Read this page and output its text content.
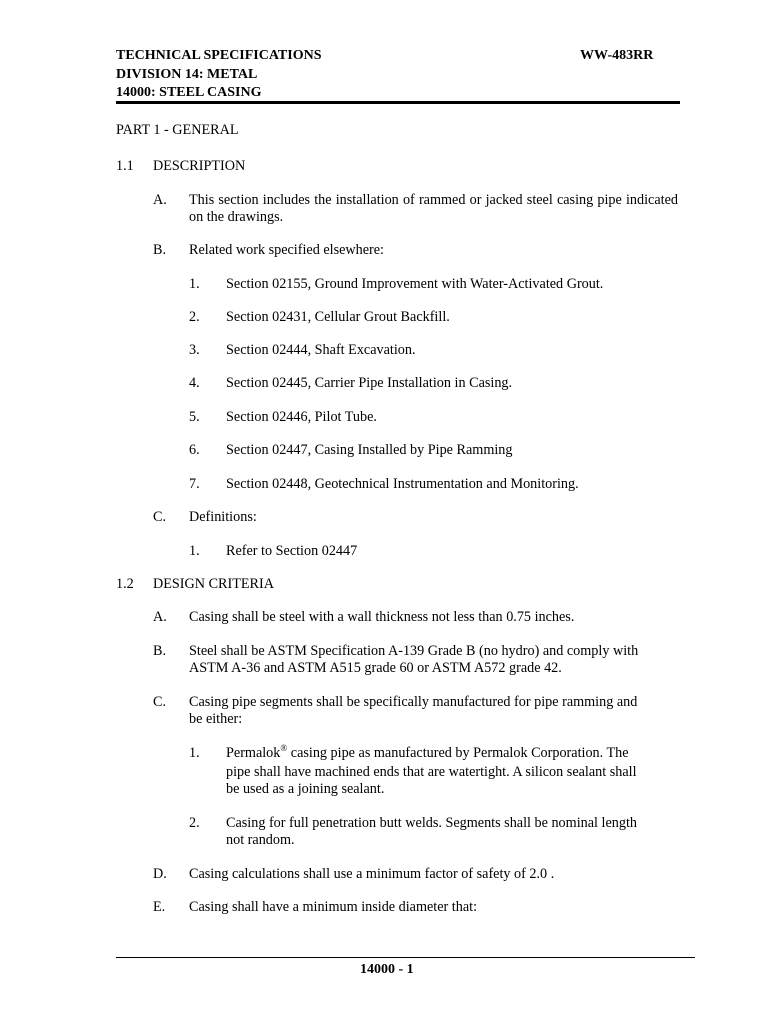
TECHNICAL SPECIFICATIONS	WW-483RR
DIVISION 14: METAL
14000: STEEL CASING
PART 1 - GENERAL
1.1 DESCRIPTION
A. This section includes the installation of rammed or jacked steel casing pipe indicated on the drawings.
B. Related work specified elsewhere:
1. Section 02155, Ground Improvement with Water-Activated Grout.
2. Section 02431, Cellular Grout Backfill.
3. Section 02444, Shaft Excavation.
4. Section 02445, Carrier Pipe Installation in Casing.
5. Section 02446, Pilot Tube.
6. Section 02447, Casing Installed by Pipe Ramming
7. Section 02448, Geotechnical Instrumentation and Monitoring.
C. Definitions:
1. Refer to Section 02447
1.2 DESIGN CRITERIA
A. Casing shall be steel with a wall thickness not less than 0.75 inches.
B. Steel shall be ASTM Specification A-139 Grade B (no hydro) and comply with
ASTM A-36 and ASTM A515 grade 60 or ASTM A572 grade 42.
C. Casing pipe segments shall be specifically manufactured for pipe ramming and
be either:
1. Permalok® casing pipe as manufactured by Permalok Corporation. The
pipe shall have machined ends that are watertight. A silicon sealant shall
be used as a joining sealant.
2. Casing for full penetration butt welds. Segments shall be nominal length
not random.
D. Casing calculations shall use a minimum factor of safety of 2.0 .
E. Casing shall have a minimum inside diameter that:
14000 - 1
